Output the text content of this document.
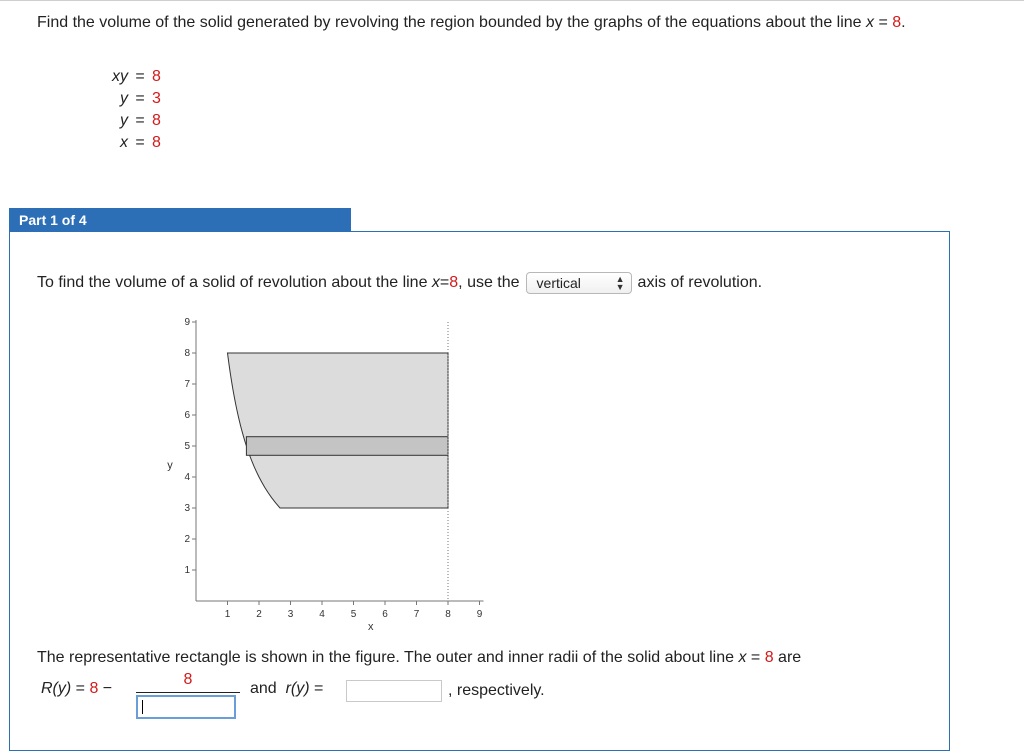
Find the volume of the solid generated by revolving the region bounded by the graphs of the equations about the line x = 8.
xy = 8
y = 3
y = 8
x = 8
Part 1 of 4
To find the volume of a solid of revolution about the line
x = 8 , use the vertical	▲
▼ axis of revolution.
1	2	3	4	5	6	7	8	9
1
2
3
4
5
6
7
8
9
x
y
The representative rectangle is shown in the figure. The outer and inner radii of the solid about line x = 8 are
R(y) = 8 −
8
and r(y) =	, respectively.
